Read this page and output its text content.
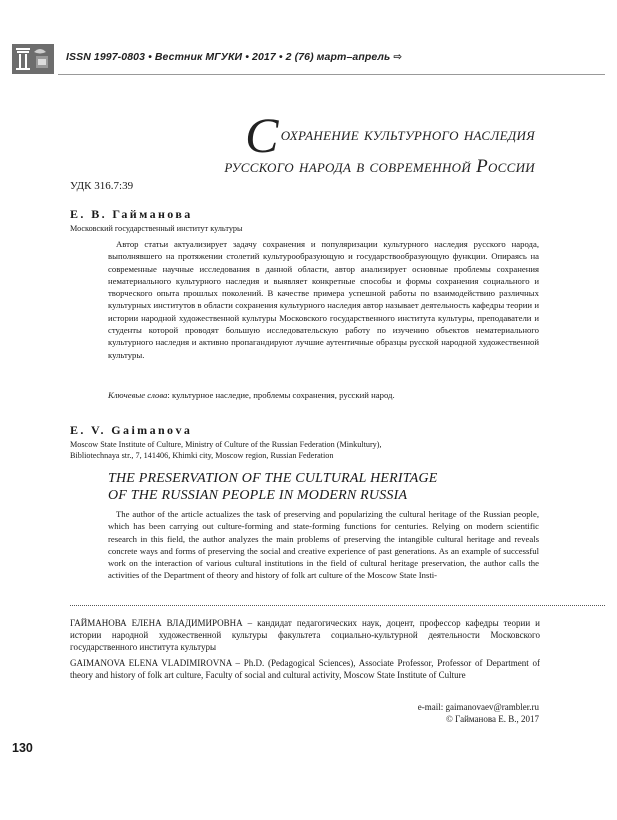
ISSN 1997-0803 • Вестник МГУКИ • 2017 • 2 (76) март–апрель ⇨
Сохранение культурного наследия
русского народа в современной России
УДК 316.7:39
Е. В. Гайманова
Московский государственный институт культуры
Автор статьи актуализирует задачу сохранения и популяризации культурного наследия русского народа, выполнявшего на протяжении столетий культурообразующую и государствообразующую функции. Опираясь на современные научные исследования в данной области, автор анализирует основные проблемы сохранения нематериального культурного наследия и выявляет конкретные способы и формы сохранения социального и творческого опыта прошлых поколений. В качестве примера успешной работы по взаимодействию различных культурных институтов в области сохранения культурного наследия автор называет деятельность кафедры теории и истории народной художественной культуры Московского государственного института культуры, преподаватели и студенты которой проводят большую исследовательскую работу по изучению объектов нематериального культурного наследия и активно пропагандируют лучшие аутентичные образцы русской народной художественной культуры.
Ключевые слова: культурное наследие, проблемы сохранения, русский народ.
E. V. Gaimanova
Moscow State Institute of Culture, Ministry of Culture of the Russian Federation (Minkultury),
Bibliotechnaya str., 7, 141406, Khimki city, Moscow region, Russian Federation
THE PRESERVATION OF THE CULTURAL HERITAGE
OF THE RUSSIAN PEOPLE IN MODERN RUSSIA
The author of the article actualizes the task of preserving and popularizing the cultural heritage of the Russian people, which has been carrying out culture-forming and state-forming functions for centuries. Relying on modern scientific research in this field, the author analyzes the main problems of preserving the intangible cultural heritage and reveals concrete ways and forms of preserving the social and creative experience of past generations. As an example of successful work on the interaction of various cultural institutions in the field of cultural heritage preservation, the author calls the activities of the Department of theory and history of folk art culture of the Moscow State Insti-
ГАЙМАНОВА ЕЛЕНА ВЛАДИМИРОВНА – кандидат педагогических наук, доцент, профессор кафедры теории и истории народной художественной культуры факультета социально-культурной деятельности Московского государственного института культуры
GAIMANOVA ELENA VLADIMIROVNA – Ph.D. (Pedagogical Sciences), Associate Professor, Professor of Department of theory and history of folk art culture, Faculty of social and cultural activity, Moscow State Institute of Culture
e-mail: gaimanovaev@rambler.ru
© Гайманова Е. В., 2017
130
